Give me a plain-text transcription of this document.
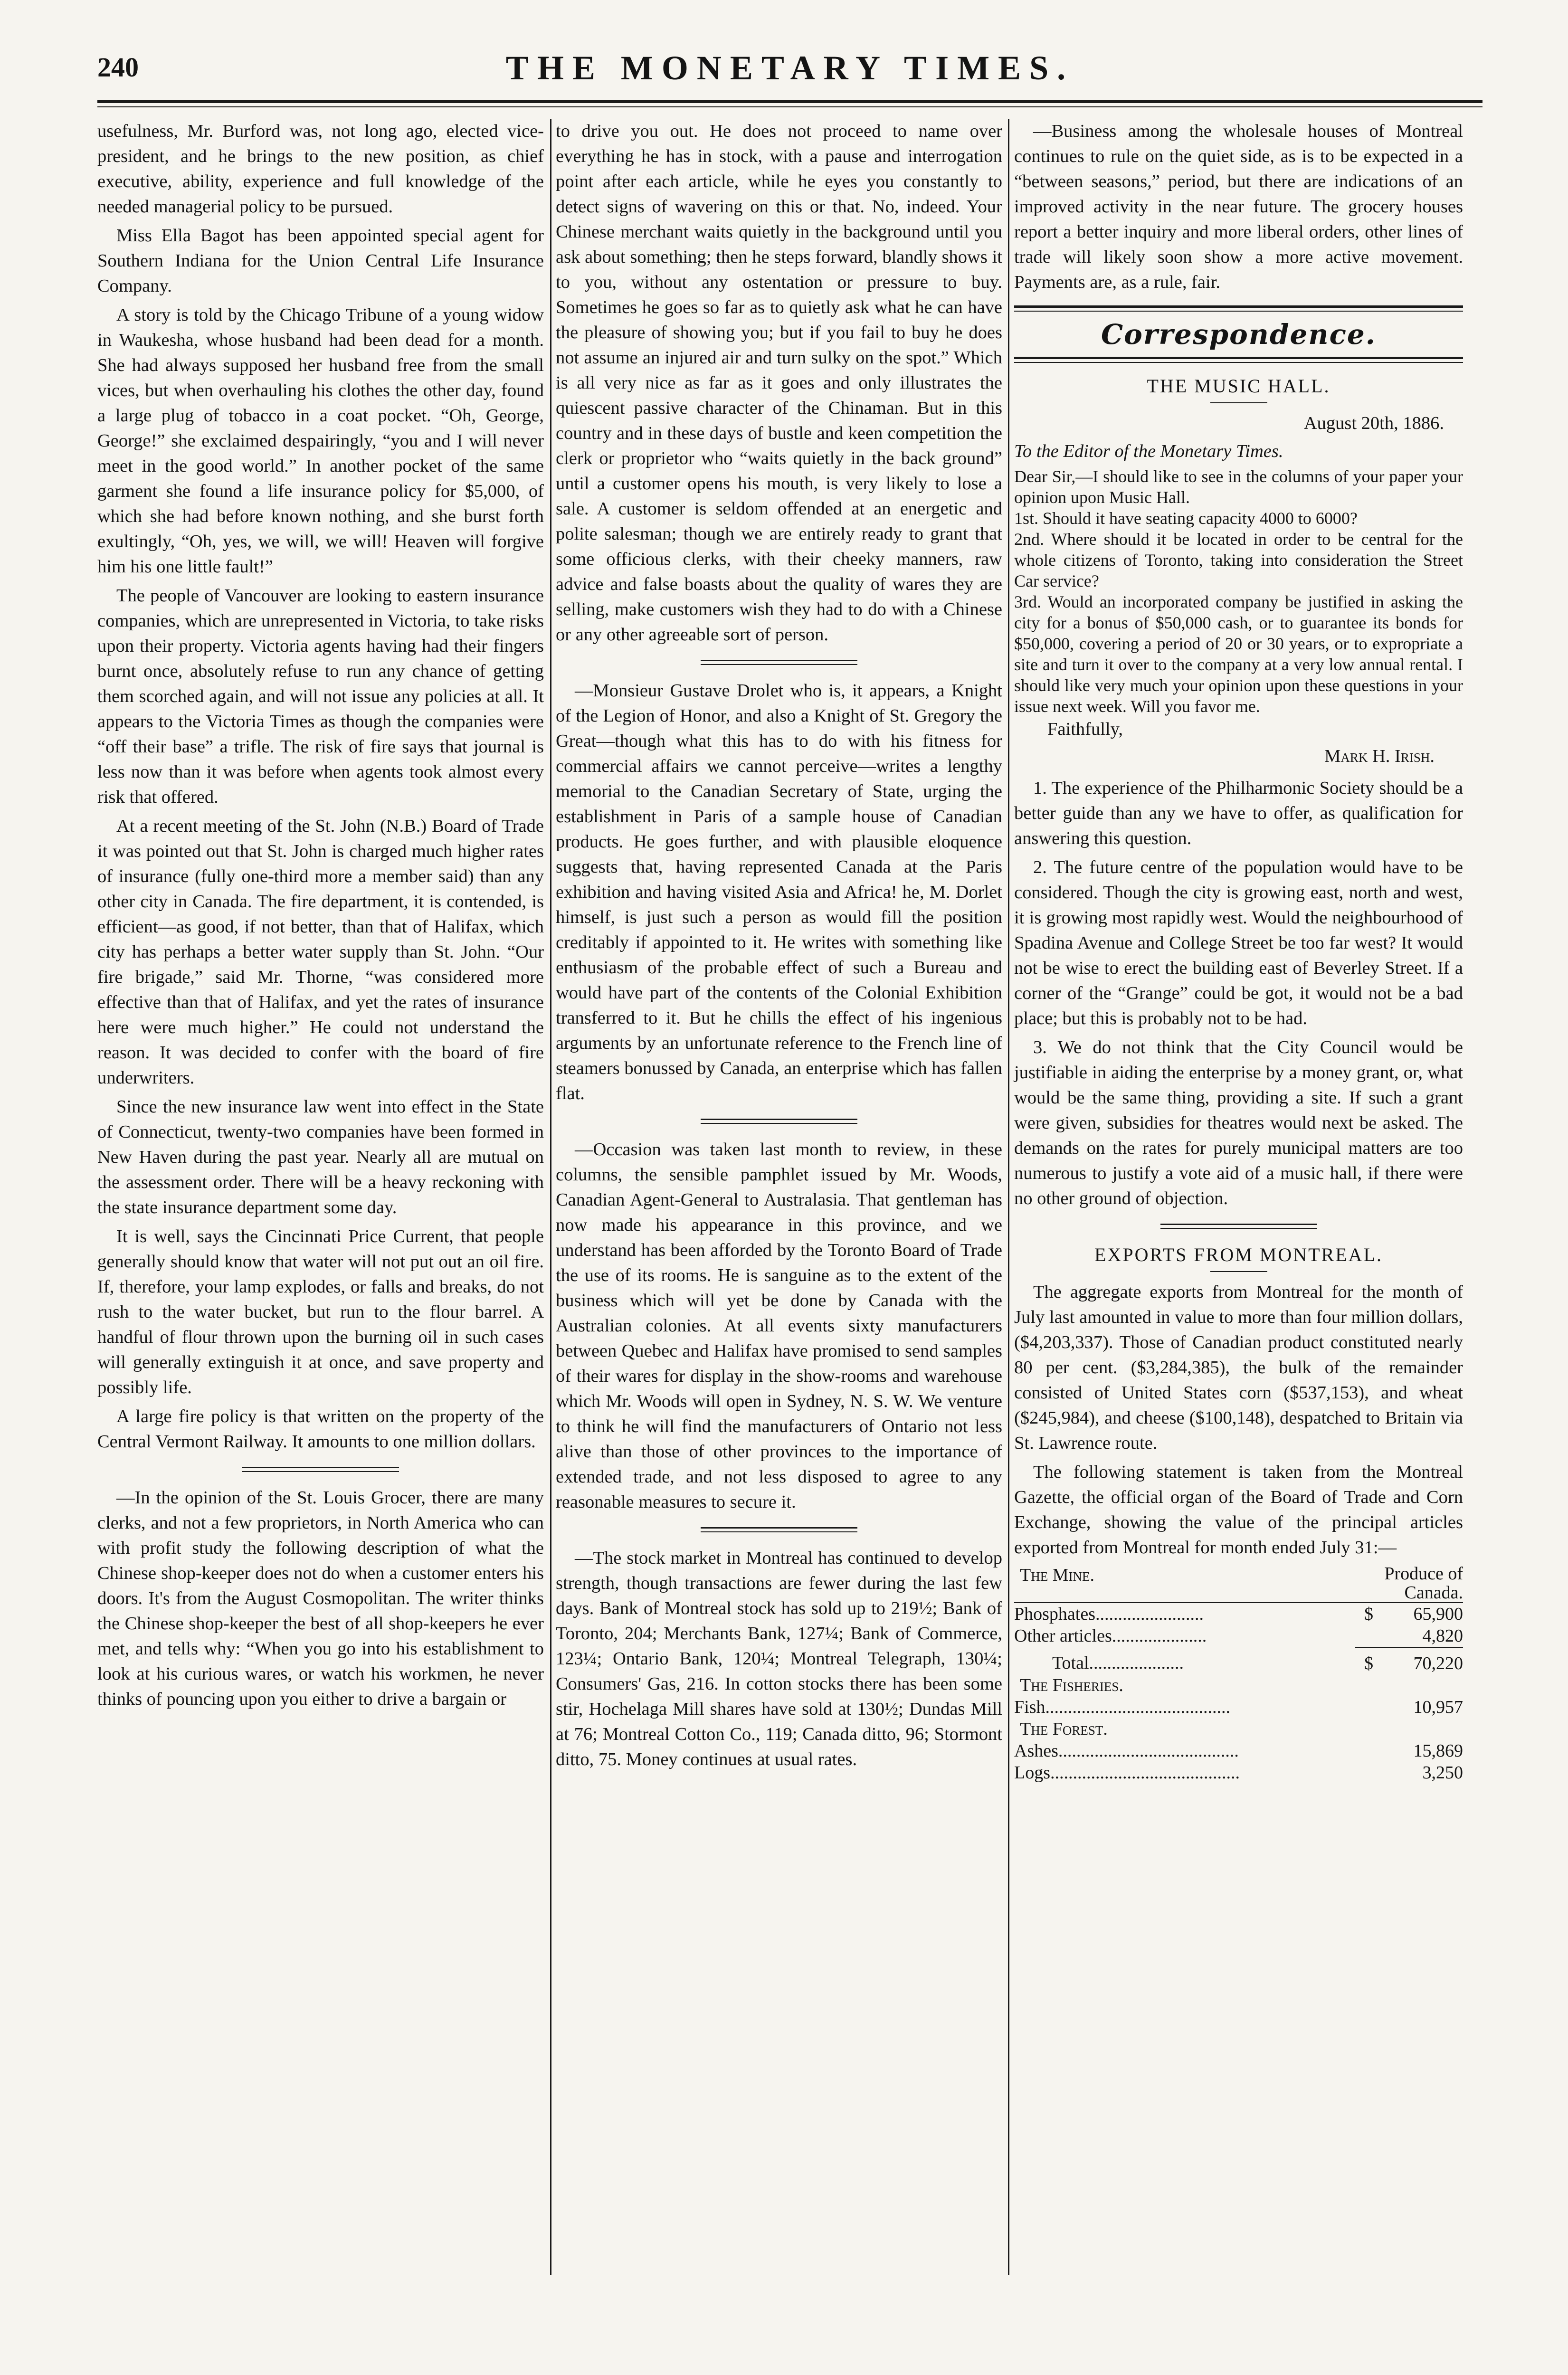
240	THE MONETARY TIMES.

usefulness, Mr. Burford was, not long ago, elected vice-president, and he brings to the new position, as chief executive, ability, experience and full knowledge of the needed managerial policy to be pursued.

Miss Ella Bagot has been appointed special agent for Southern Indiana for the Union Central Life Insurance Company.

A story is told by the Chicago Tribune of a young widow in Waukesha, whose husband had been dead for a month. She had always supposed her husband free from the small vices, but when overhauling his clothes the other day, found a large plug of tobacco in a coat pocket. “Oh, George, George!” she exclaimed despairingly, “you and I will never meet in the good world.” In another pocket of the same garment she found a life insurance policy for $5,000, of which she had before known nothing, and she burst forth exultingly, “Oh, yes, we will, we will! Heaven will forgive him his one little fault!”

The people of Vancouver are looking to eastern insurance companies, which are unrepresented in Victoria, to take risks upon their property. Victoria agents having had their fingers burnt once, absolutely refuse to run any chance of getting them scorched again, and will not issue any policies at all. It appears to the Victoria Times as though the companies were “off their base” a trifle. The risk of fire says that journal is less now than it was before when agents took almost every risk that offered.

At a recent meeting of the St. John (N.B.) Board of Trade it was pointed out that St. John is charged much higher rates of insurance (fully one-third more a member said) than any other city in Canada. The fire department, it is contended, is efficient—as good, if not better, than that of Halifax, which city has perhaps a better water supply than St. John. “Our fire brigade,” said Mr. Thorne, “was considered more effective than that of Halifax, and yet the rates of insurance here were much higher.” He could not understand the reason. It was decided to confer with the board of fire underwriters.

Since the new insurance law went into effect in the State of Connecticut, twenty-two companies have been formed in New Haven during the past year. Nearly all are mutual on the assessment order. There will be a heavy reckoning with the state insurance department some day.

It is well, says the Cincinnati Price Current, that people generally should know that water will not put out an oil fire. If, therefore, your lamp explodes, or falls and breaks, do not rush to the water bucket, but run to the flour barrel. A handful of flour thrown upon the burning oil in such cases will generally extinguish it at once, and save property and possibly life.

A large fire policy is that written on the property of the Central Vermont Railway. It amounts to one million dollars.

—In the opinion of the St. Louis Grocer, there are many clerks, and not a few proprietors, in North America who can with profit study the following description of what the Chinese shop-keeper does not do when a customer enters his doors. It's from the August Cosmopolitan. The writer thinks the Chinese shop-keeper the best of all shop-keepers he ever met, and tells why: “When you go into his establishment to look at his curious wares, or watch his workmen, he never thinks of pouncing upon you either to drive a bargain or

to drive you out. He does not proceed to name over everything he has in stock, with a pause and interrogation point after each article, while he eyes you constantly to detect signs of wavering on this or that. No, indeed. Your Chinese merchant waits quietly in the background until you ask about something; then he steps forward, blandly shows it to you, without any ostentation or pressure to buy. Sometimes he goes so far as to quietly ask what he can have the pleasure of showing you; but if you fail to buy he does not assume an injured air and turn sulky on the spot.” Which is all very nice as far as it goes and only illustrates the quiescent passive character of the Chinaman. But in this country and in these days of bustle and keen competition the clerk or proprietor who “waits quietly in the back ground” until a customer opens his mouth, is very likely to lose a sale. A customer is seldom offended at an energetic and polite salesman; though we are entirely ready to grant that some officious clerks, with their cheeky manners, raw advice and false boasts about the quality of wares they are selling, make customers wish they had to do with a Chinese or any other agreeable sort of person.

—Monsieur Gustave Drolet who is, it appears, a Knight of the Legion of Honor, and also a Knight of St. Gregory the Great—though what this has to do with his fitness for commercial affairs we cannot perceive—writes a lengthy memorial to the Canadian Secretary of State, urging the establishment in Paris of a sample house of Canadian products. He goes further, and with plausible eloquence suggests that, having represented Canada at the Paris exhibition and having visited Asia and Africa! he, M. Dorlet himself, is just such a person as would fill the position creditably if appointed to it. He writes with something like enthusiasm of the probable effect of such a Bureau and would have part of the contents of the Colonial Exhibition transferred to it. But he chills the effect of his ingenious arguments by an unfortunate reference to the French line of steamers bonussed by Canada, an enterprise which has fallen flat.

—Occasion was taken last month to review, in these columns, the sensible pamphlet issued by Mr. Woods, Canadian Agent-General to Australasia. That gentleman has now made his appearance in this province, and we understand has been afforded by the Toronto Board of Trade the use of its rooms. He is sanguine as to the extent of the business which will yet be done by Canada with the Australian colonies. At all events sixty manufacturers between Quebec and Halifax have promised to send samples of their wares for display in the show-rooms and warehouse which Mr. Woods will open in Sydney, N. S. W. We venture to think he will find the manufacturers of Ontario not less alive than those of other provinces to the importance of extended trade, and not less disposed to agree to any reasonable measures to secure it.

—The stock market in Montreal has continued to develop strength, though transactions are fewer during the last few days. Bank of Montreal stock has sold up to 219½; Bank of Toronto, 204; Merchants Bank, 127¼; Bank of Commerce, 123¼; Ontario Bank, 120¼; Montreal Telegraph, 130¼; Consumers' Gas, 216. In cotton stocks there has been some stir, Hochelaga Mill shares have sold at 130½; Dundas Mill at 76; Montreal Cotton Co., 119; Canada ditto, 96; Stormont ditto, 75. Money continues at usual rates.

—Business among the wholesale houses of Montreal continues to rule on the quiet side, as is to be expected in a “between seasons,” period, but there are indications of an improved activity in the near future. The grocery houses report a better inquiry and more liberal orders, other lines of trade will likely soon show a more active movement. Payments are, as a rule, fair.

Correspondence.
THE MUSIC HALL.
August 20th, 1886.
To the Editor of the Monetary Times.

Dear Sir,—I should like to see in the columns of your paper your opinion upon Music Hall.

1st. Should it have seating capacity 4000 to 6000?

2nd. Where should it be located in order to be central for the whole citizens of Toronto, taking into consideration the Street Car service?

3rd. Would an incorporated company be justified in asking the city for a bonus of $50,000 cash, or to guarantee its bonds for $50,000, covering a period of 20 or 30 years, or to expropriate a site and turn it over to the company at a very low annual rental. I should like very much your opinion upon these questions in your issue next week. Will you favor me.

Faithfully,
Mark H. Irish.

1. The experience of the Philharmonic Society should be a better guide than any we have to offer, as qualification for answering this question.

2. The future centre of the population would have to be considered. Though the city is growing east, north and west, it is growing most rapidly west. Would the neighbourhood of Spadina Avenue and College Street be too far west? It would not be wise to erect the building east of Beverley Street. If a corner of the “Grange” could be got, it would not be a bad place; but this is probably not to be had.

3. We do not think that the City Council would be justifiable in aiding the enterprise by a money grant, or, what would be the same thing, providing a site. If such a grant were given, subsidies for theatres would next be asked. The demands on the rates for purely municipal matters are too numerous to justify a vote aid of a music hall, if there were no other ground of objection.

EXPORTS FROM MONTREAL.

The aggregate exports from Montreal for the month of July last amounted in value to more than four million dollars, ($4,203,337). Those of Canadian product constituted nearly 80 per cent. ($3,284,385), the bulk of the remainder consisted of United States corn ($537,153), and wheat ($245,984), and cheese ($100,148), despatched to Britain via St. Lawrence route.

The following statement is taken from the Montreal Gazette, the official organ of the Board of Trade and Corn Exchange, showing the value of the principal articles exported from Montreal for month ended July 31:—

The Mine.	Produce of Canada.	
Phosphates........................	$	65,900
Other articles.....................		4,820
Total.....................	$	70,220
The Fisheries.		
Fish.........................................		10,957
The Forest.		
Ashes........................................		15,869
Logs..........................................		3,250
